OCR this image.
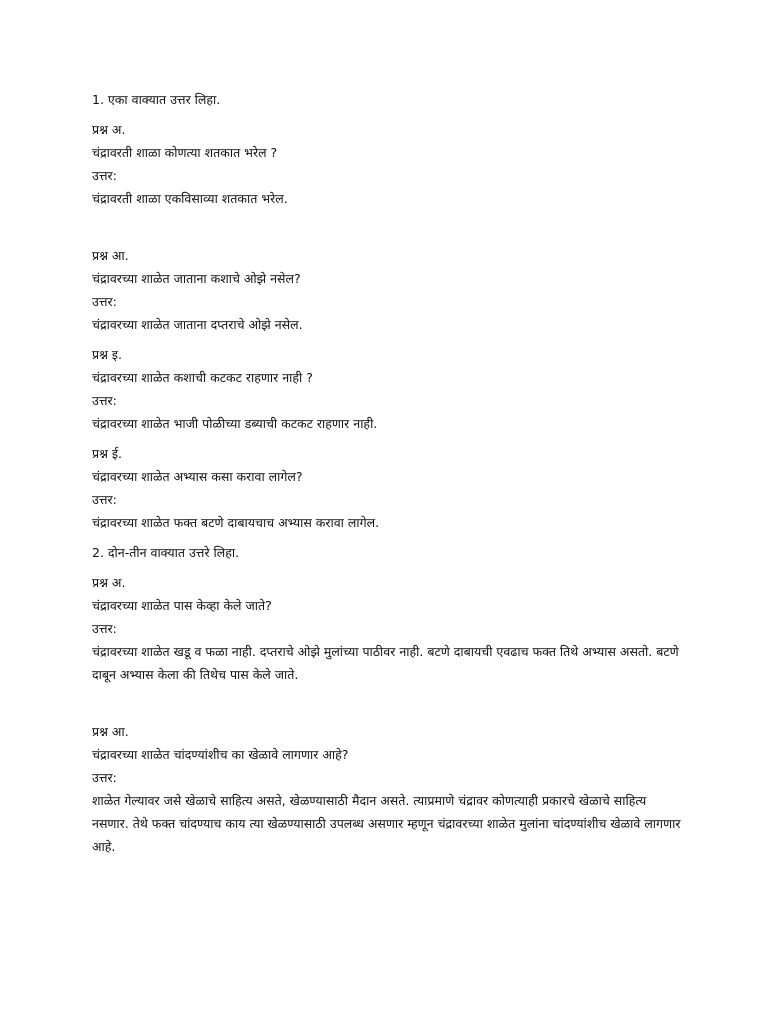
1. एका वाक्यात उत्तर लिहा.
प्रश्न अ.
चंद्रावरती शाळा कोणत्या शतकात भरेल ?
उत्तर:
चंद्रावरती शाळा एकविसाव्या शतकात भरेल.
प्रश्न आ.
चंद्रावरच्या शाळेत जाताना कशाचे ओझे नसेल?
उत्तर:
चंद्रावरच्या शाळेत जाताना दप्तराचे ओझे नसेल.
प्रश्न इ.
चंद्रावरच्या शाळेत कशाची कटकट राहणार नाही ?
उत्तर:
चंद्रावरच्या शाळेत भाजी पोळीच्या डब्याची कटकट राहणार नाही.
प्रश्न ई.
चंद्रावरच्या शाळेत अभ्यास कसा करावा लागेल?
उत्तर:
चंद्रावरच्या शाळेत फक्त बटणे दाबायचाच अभ्यास करावा लागेल.
2. दोन-तीन वाक्यात उत्तरे लिहा.
प्रश्न अ.
चंद्रावरच्या शाळेत पास केव्हा केले जाते?
उत्तर:
चंद्रावरच्या शाळेत खडू व फळा नाही. दप्तराचे ओझे मुलांच्या पाठीवर नाही. बटणे दाबायची एवढाच फक्त तिथे अभ्यास असतो. बटणे दाबून अभ्यास केला की तिथेच पास केले जाते.
प्रश्न आ.
चंद्रावरच्या शाळेत चांदण्यांशीच का खेळावे लागणार आहे?
उत्तर:
शाळेत गेल्यावर जसे खेळाचे साहित्य असते, खेळण्यासाठी मैदान असते. त्याप्रमाणे चंद्रावर कोणत्याही प्रकारचे खेळाचे साहित्य नसणार. तेथे फक्त चांदण्याच काय त्या खेळण्यासाठी उपलब्ध असणार म्हणून चंद्रावरच्या शाळेत मुलांना चांदण्यांशीच खेळावे लागणार आहे.
